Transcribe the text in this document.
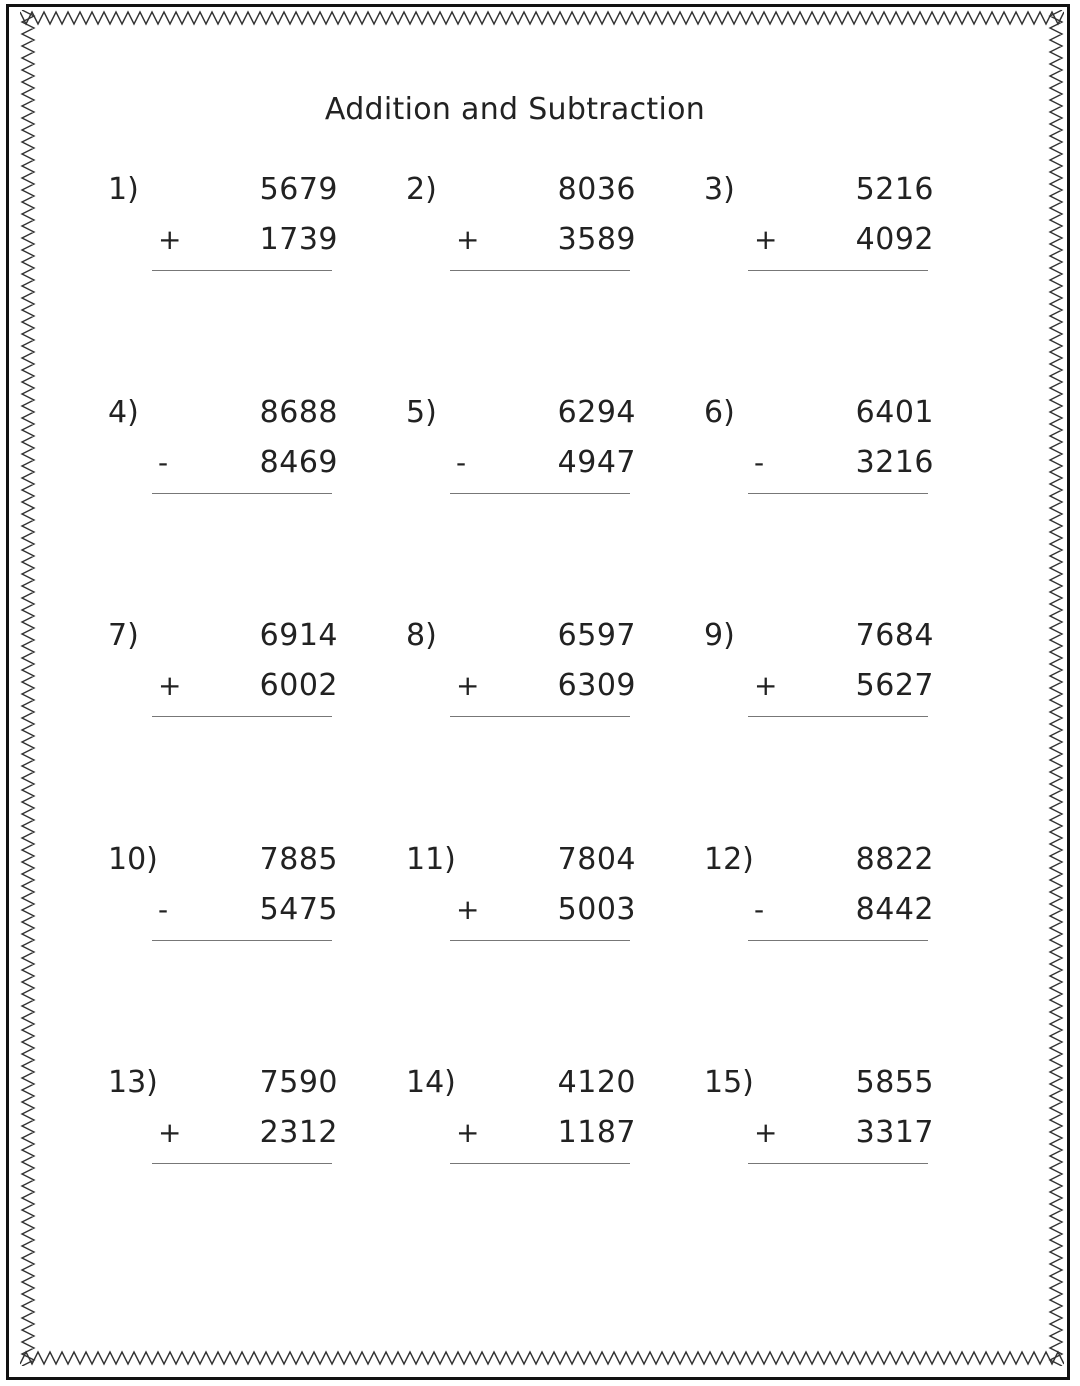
Addition and Subtraction
1)	5679
+	1739
2)	8036
+	3589
3)	5216
+	4092
4)	8688
-	8469
5)	6294
-	4947
6)	6401
-	3216
7)	6914
+	6002
8)	6597
+	6309
9)	7684
+	5627
10)	7885
-	5475
11)	7804
+	5003
12)	8822
-	8442
13)	7590
+	2312
14)	4120
+	1187
15)	5855
+	3317
